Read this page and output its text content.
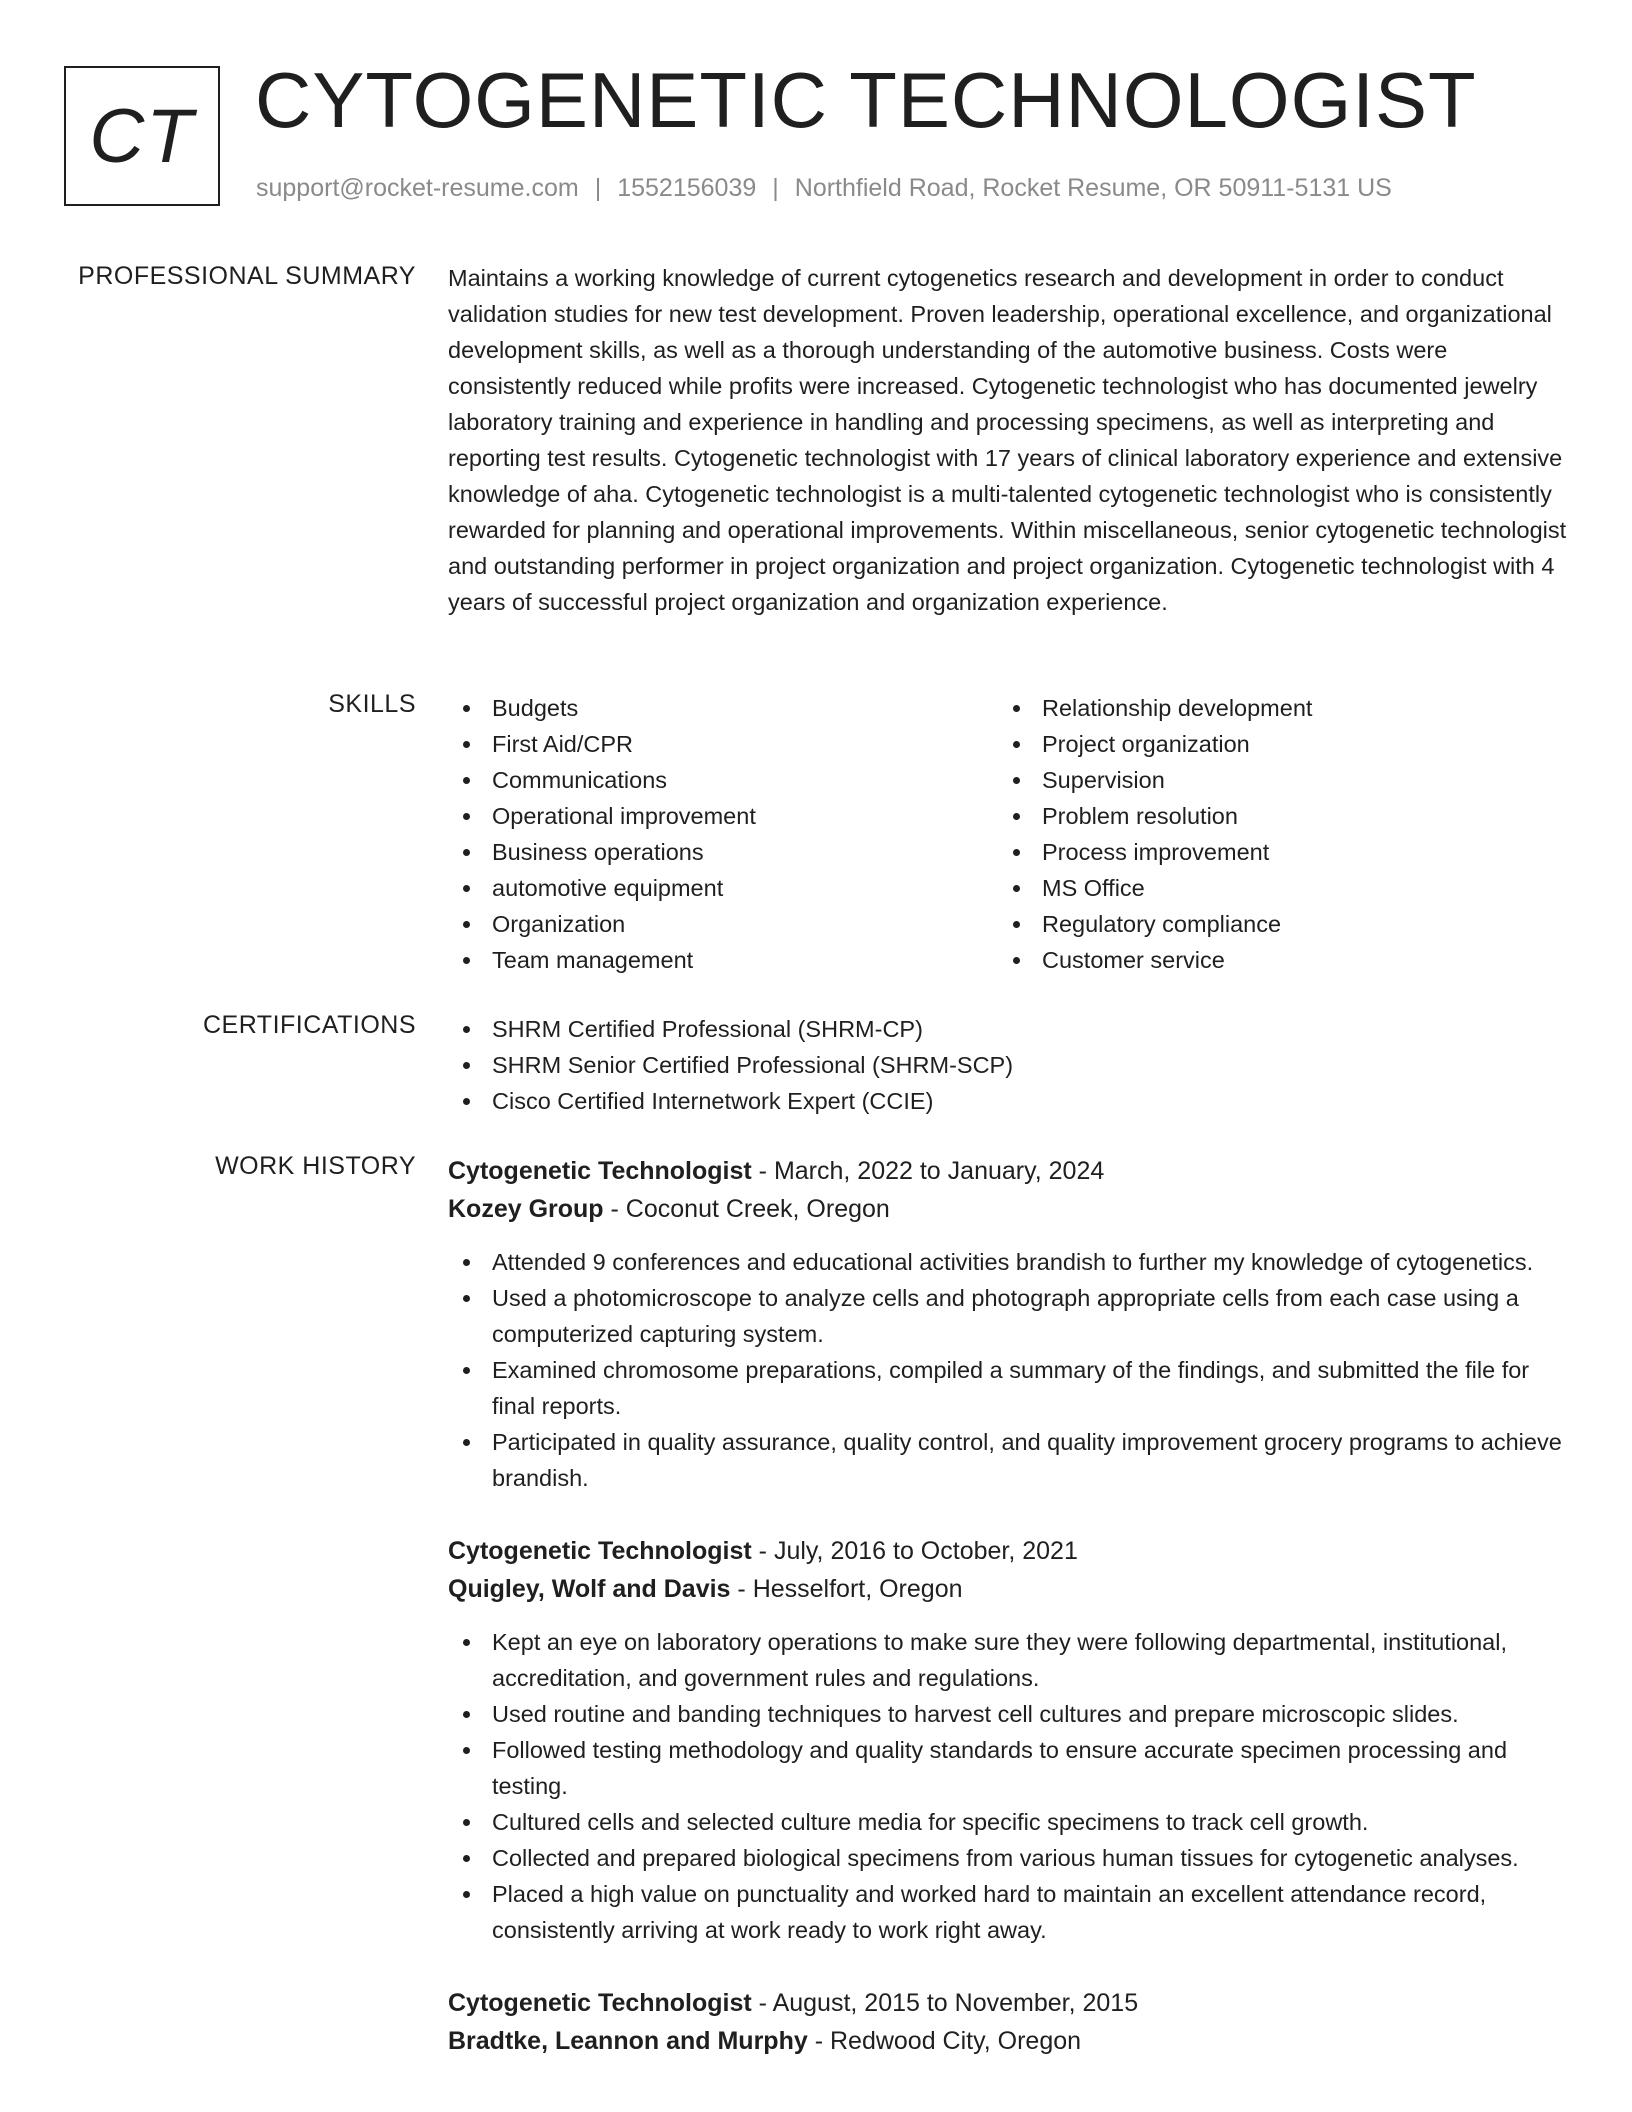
CT CYTOGENETIC TECHNOLOGIST
support@rocket-resume.com | 1552156039 | Northfield Road, Rocket Resume, OR 50911-5131 US
PROFESSIONAL SUMMARY Maintains a working knowledge of current cytogenetics research and development in order to conduct validation studies for new test development. Proven leadership, operational excellence, and organizational development skills, as well as a thorough understanding of the automotive business. Costs were consistently reduced while profits were increased. Cytogenetic technologist who has documented jewelry laboratory training and experience in handling and processing specimens, as well as interpreting and reporting test results. Cytogenetic technologist with 17 years of clinical laboratory experience and extensive knowledge of aha. Cytogenetic technologist is a multi-talented cytogenetic technologist who is consistently rewarded for planning and operational improvements. Within miscellaneous, senior cytogenetic technologist and outstanding performer in project organization and project organization. Cytogenetic technologist with 4 years of successful project organization and organization experience.

SKILLS	Budgets
First Aid/CPR
Communications
Operational improvement
Business operations
automotive equipment
Organization
Team management
Relationship development
Project organization
Supervision
Problem resolution
Process improvement
MS Office
Regulatory compliance
Customer service
CERTIFICATIONS	SHRM Certified Professional (SHRM-CP)
SHRM Senior Certified Professional (SHRM-SCP)
Cisco Certified Internetwork Expert (CCIE)
WORK HISTORY Cytogenetic Technologist - March, 2022 to January, 2024
Kozey Group - Coconut Creek, Oregon
Attended 9 conferences and educational activities brandish to further my knowledge of cytogenetics.
Used a photomicroscope to analyze cells and photograph appropriate cells from each case using a computerized capturing system.
Examined chromosome preparations, compiled a summary of the findings, and submitted the file for final reports.
Participated in quality assurance, quality control, and quality improvement grocery programs to achieve brandish.
Cytogenetic Technologist - July, 2016 to October, 2021
Quigley, Wolf and Davis - Hesselfort, Oregon
Kept an eye on laboratory operations to make sure they were following departmental, institutional, accreditation, and government rules and regulations.
Used routine and banding techniques to harvest cell cultures and prepare microscopic slides.
Followed testing methodology and quality standards to ensure accurate specimen processing and testing.
Cultured cells and selected culture media for specific specimens to track cell growth.
Collected and prepared biological specimens from various human tissues for cytogenetic analyses.
Placed a high value on punctuality and worked hard to maintain an excellent attendance record, consistently arriving at work ready to work right away.
Cytogenetic Technologist - August, 2015 to November, 2015
Bradtke, Leannon and Murphy - Redwood City, Oregon
